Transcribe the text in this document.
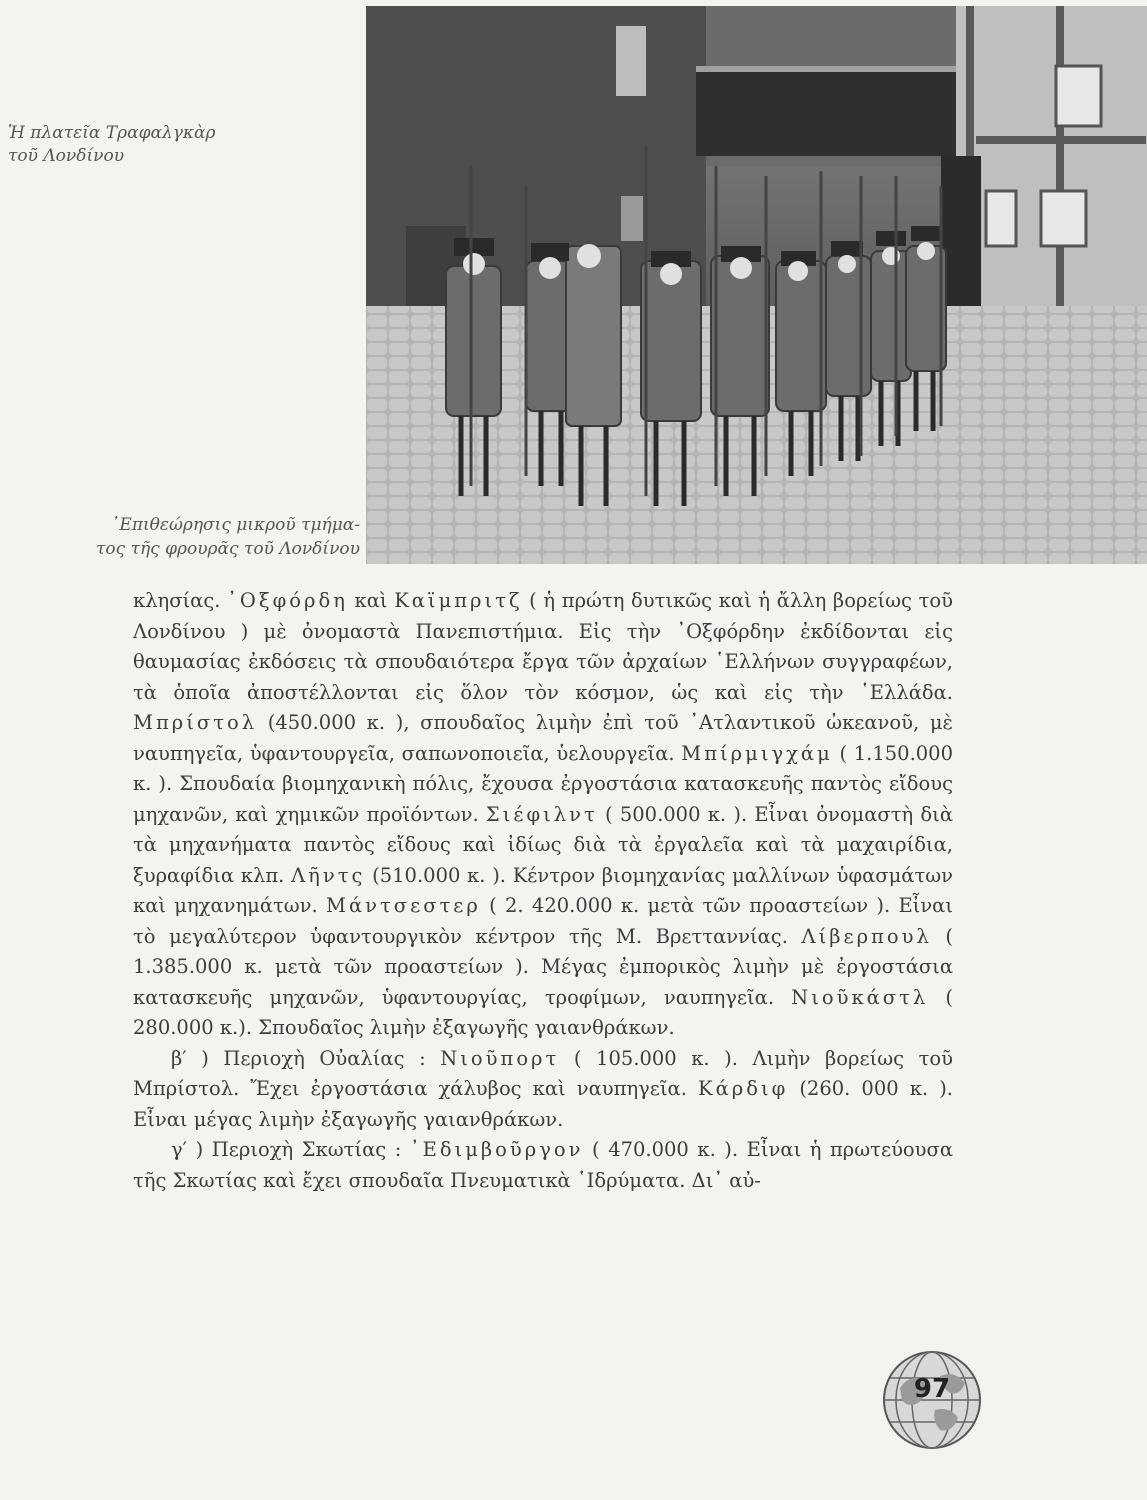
Ἡ πλατεῖα Τραφαλγκὰρ
τοῦ Λονδίνου
᾿Επιθεώρησις μικροῦ τμήμα-
τος τῆς φρουρᾶς τοῦ Λονδίνου

κλησίας. ᾿Οξφόρδη καὶ Καϊμπριτζ ( ἡ πρώτη δυτικῶς καὶ ἡ ἄλλη βορείως τοῦ Λονδίνου ) μὲ ὀνομαστὰ Πανεπιστήμια. Εἰς τὴν ᾿Οξφόρδην ἐκδίδονται εἰς θαυμασίας ἐκδόσεις τὰ σπουδαιότερα ἔργα τῶν ἀρχαίων ῾Ελλήνων συγγραφέων, τὰ ὁποῖα ἀποστέλλονται εἰς ὅλον τὸν κόσμον, ὡς καὶ εἰς τὴν ῾Ελλάδα. Μπρίστολ (450.000 κ. ), σπουδαῖος λιμὴν ἐπὶ τοῦ ᾿Ατλαντικοῦ ὠκεανοῦ, μὲ ναυπηγεῖα, ὑφαντουργεῖα, σαπωνοποιεῖα, ὑελουργεῖα. Μπίρμιγχάμ ( 1.150.000 κ. ). Σπουδαία βιομηχανικὴ πόλις, ἔχουσα ἐργοστάσια κατασκευῆς παντὸς εἴδους μηχανῶν, καὶ χημικῶν προϊόντων. Σιέφιλντ ( 500.000 κ. ). Εἶναι ὀνομαστὴ διὰ τὰ μηχανήματα παντὸς εἴδους καὶ ἰδίως διὰ τὰ ἐργαλεῖα καὶ τὰ μαχαιρίδια, ξυραφίδια κλπ. Λῆντς (510.000 κ. ). Κέντρον βιομηχανίας μαλλίνων ὑφασμάτων καὶ μηχανημάτων. Μάντσεστερ ( 2. 420.000 κ. μετὰ τῶν προαστείων ). Εἶναι τὸ μεγαλύτερον ὑφαντουργικὸν κέντρον τῆς Μ. Βρετταννίας. Λίβερπουλ ( 1.385.000 κ. μετὰ τῶν προαστείων ). Μέγας ἐμπορικὸς λιμὴν μὲ ἐργοστάσια κατασκευῆς μηχανῶν, ὑφαντουργίας, τροφίμων, ναυπηγεῖα. Νιοῦκάστλ ( 280.000 κ.). Σπουδαῖος λιμὴν ἐξαγωγῆς γαιανθράκων.

β′ ) Περιοχὴ Οὐαλίας : Νιοῦπορτ ( 105.000 κ. ). Λιμὴν βορείως τοῦ Μπρίστολ. Ἔχει ἐργοστάσια χάλυβος καὶ ναυπηγεῖα. Κάρδιφ (260. 000 κ. ). Εἶναι μέγας λιμὴν ἐξαγωγῆς γαιανθράκων.

γ′ ) Περιοχὴ Σκωτίας : ᾿Εδιμβοῦργον ( 470.000 κ. ). Εἶναι ἡ πρωτεύουσα τῆς Σκωτίας καὶ ἔχει σπουδαῖα Πνευματικὰ ῾Ιδρύματα. Δι᾿ αὐ-

97
